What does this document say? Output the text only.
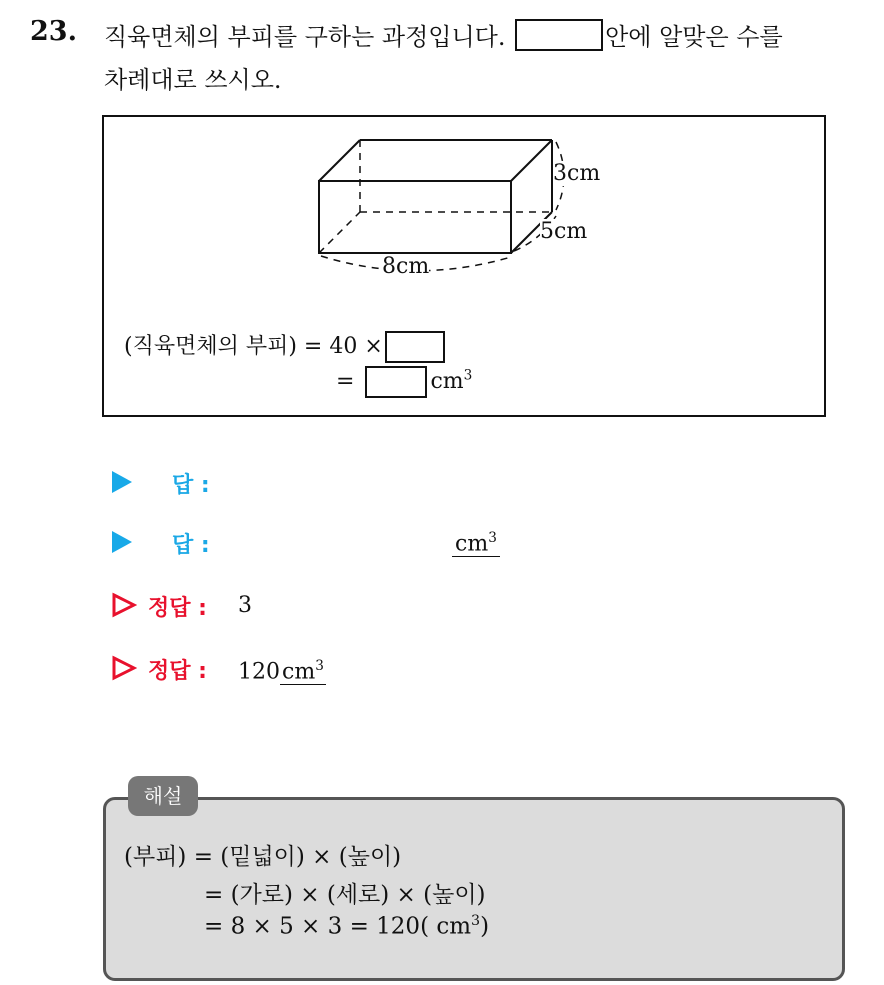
23. 직육면체의 부피를 구하는 과정입니다.	안에 알맞은 수를
차례대로 쓰시오.
3cm
5cm
8cm
(직육면체의 부피) = 40 ×
=	$cm^3$
답 :
답 :	$cm^3$
정답 : 3
정답 : $120cm^3$
해설
(부피) = (밑넓이) × (높이)
= (가로) × (세로) × (높이)
= 8 × 5 × 3 = 120( $cm^3$)
